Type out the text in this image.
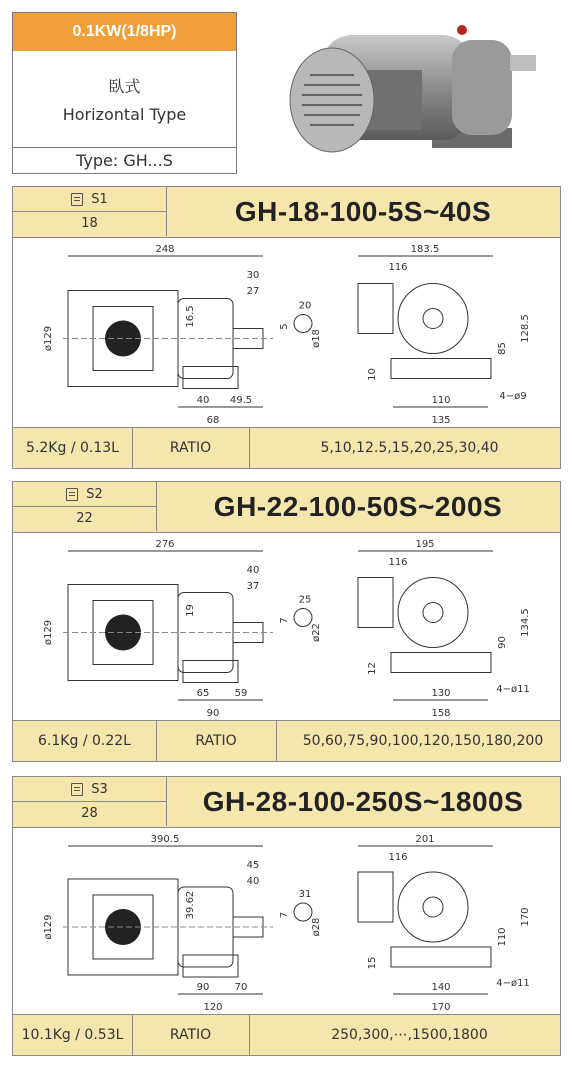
0.1KW(1/8HP)
臥式
Horizontal Type
Type: GH...S
S1
18	GH-18-100-5S~40S
248
30
27
16.5
ø129
40 49.5
68
20
5
ø18
183.5
116
128.5
85
10
110
135
4−ø9
5.2Kg / 0.13L	RATIO	5,10,12.5,15,20,25,30,40
S2
22	GH-22-100-50S~200S
276
40
37
19
ø129
65	59
90
25
7
ø22
195
116
134.5
90
12
130
158
4−ø11
6.1Kg / 0.22L	RATIO	50,60,75,90,100,120,150,180,200
S3
28	GH-28-100-250S~1800S
390.5
45
40
39.62
ø129
90	70
120
31
7
ø28
201
116
170
110
15
140
170
4−ø11
10.1Kg / 0.53L	RATIO	250,300,⋯,1500,1800
